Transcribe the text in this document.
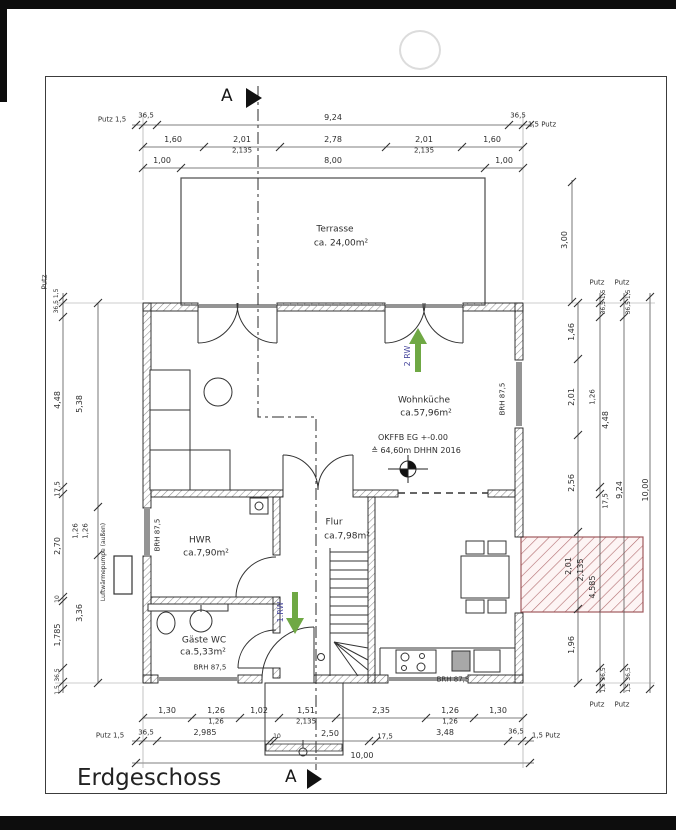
Putz 1,5 36,5	9,24	36,5
1,5 Putz
1,60	2,01	2,78	2,01	1,60
2,135	2,135
1,00	8,00	1,00
Terrasse
ca. 24,00m²	3,00
Putz Putz
36,5 1,5	36,5 1,5
1,46
2,01 1,26
4,48
2,56
17,5
9,24 10,00
2,01 2,135
4,585
1,96
36,5
1,5
36,5
1,5
Putz Putz
Putz
36,5 1,5
4,48 5,38
17,5
1,26 1,26
2,70	Luftwärmepumpe (außen)
10
3,36
1,785
36,5
1,5
Wohnküche
ca.57,96m²
OKFFB EG +-0.00
≙ 64,60m DHHN 2016
BRH 87,5
BRH 87,5	HWR
ca.7,90m²
Flur
ca.7,98m²
Gäste WC
ca.5,33m²
BRH 87,5
BRH 87,5
2 RW
1.RW
1,30	1,26	1,02	1,51	2,35	1,26	1,30
1,26	2,135	1,26
Putz 1,5 36,5	2,985	10	2,50	17,5	3,48	36,5 1,5 Putz
10,00
A
A
Erdgeschoss
